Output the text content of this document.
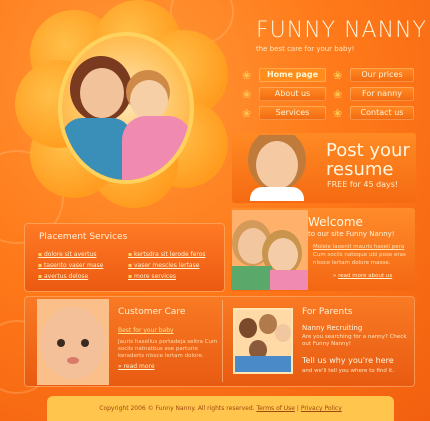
FUNNY NANNY
the best care for your baby!
❀	Home page	❀	Our prices
❀	About us	❀	For nanny
❀	Services	❀	Contact us
Post your
resume
FREE for 45 days!
Welcome
to our site Funny Nanny!
Molele laoenit mauris hasell pera
Cum sociis natoque ubi pose eras nlssce lertam dolore masse.
» read more about us
Placement Services
▪ dolore sit avertus
▪ tasento vaser mase
▪ avertus delose
▪ kertsdra sit lerode feros
▪ vaser mescles lertase
▪ more services
Customer Care
Best for your baby
Jauris hasellus portadeja seltra Cum sociis natnatbus ese parturie keraderts nlssce lertam dolore.
» read more
For Parents
Nanny Recruiting
Are you searching for a nanny? Check out Funny Nanny!
Tell us why you're here
and we'll tell you where to find it.
Copyright 2006 © Funny Nanny. All rights reserved. Terms of Use | Privacy Policy
